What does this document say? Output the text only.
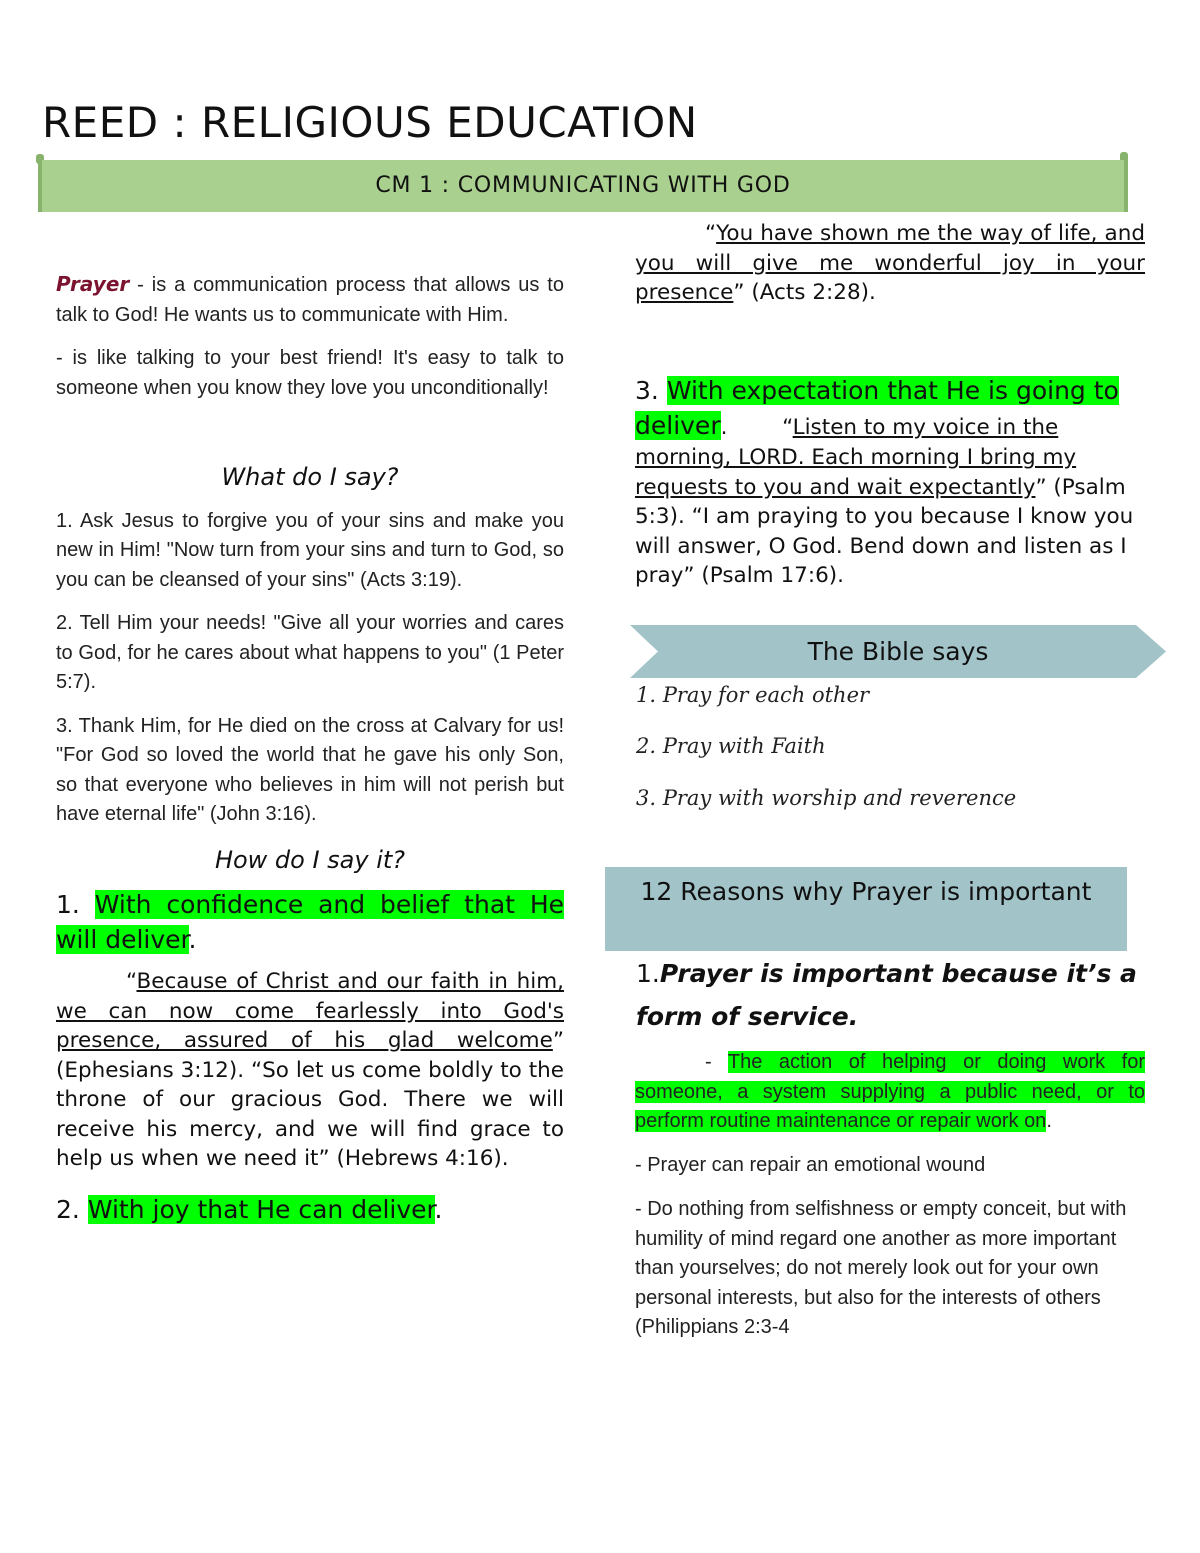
REED : RELIGIOUS EDUCATION
CM 1 : COMMUNICATING WITH GOD

Prayer - is a communication process that allows us to talk to God! He wants us to communicate with Him.

- is like talking to your best friend! It's easy to talk to someone when you know they love you unconditionally!

What do I say?

1. Ask Jesus to forgive you of your sins and make you new in Him! "Now turn from your sins and turn to God, so you can be cleansed of your sins" (Acts 3:19).

2. Tell Him your needs! "Give all your worries and cares to God, for he cares about what happens to you" (1 Peter 5:7).

3. Thank Him, for He died on the cross at Calvary for us! "For God so loved the world that he gave his only Son, so that everyone who believes in him will not perish but have eternal life" (John 3:16).

How do I say it?

1. With confidence and belief that He will deliver.

“Because of Christ and our faith in him, we can now come fearlessly into God's presence, assured of his glad welcome” (Ephesians 3:12). “So let us come boldly to the throne of our gracious God. There we will receive his mercy, and we will find grace to help us when we need it” (Hebrews 4:16).

2. With joy that He can deliver.

“You have shown me the way of life, and you will give me wonderful joy in your presence” (Acts 2:28).

3. With expectation that He is going to deliver

.        “Listen to my voice in the morning, LORD. Each morning I bring my requests to you and wait expectantly” (Psalm 5:3). “I am praying to you because I know you will answer, O God. Bend down and listen as I pray” (Psalm 17:6).
The Bible says
1. Pray for each other
2. Pray with Faith
3. Pray with worship and reverence
12 Reasons why Prayer is important
1.Prayer is important because it’s a form of service.

- The action of helping or doing work for someone, a system supplying a public need, or to perform routine maintenance or repair work on.

- Prayer can repair an emotional wound

- Do nothing from selfishness or empty conceit, but with humility of mind regard one another as more important than yourselves; do not merely look out for your own personal interests, but also for the interests of others (Philippians 2:3-4
